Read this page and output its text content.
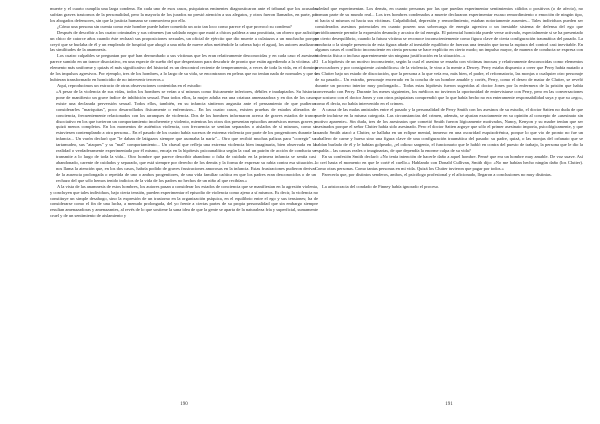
muerte y el cuarto cumplía una larga condena. En cada uno de esos casos, psiquiatras eminentes diagnosticaron ante el tribunal que los acusados sufrían graves trastornos de la personalidad, pero la mayoría de los jurados no prestó atención a sus alegatos, y otros fueron llamados, en parte, por los abogados defensores, sin que la justicia humana se conmoviera por ello.

¿Cómo una persona sin cuenta como este hombre puede haber cometido un acto tan loco como parece el que provocó su condena?

Después de describir a los cuatro criminales y sus crímenes (un soldado negro que mató a chicos paldera a una prostituta, un obrero que asfixió a un chico de catorce años cuando éste rechazó sus proposiciones sexuales, un oficial de ejército que dio muerte a culatazos a un muchacho porque creyó que se burlaba de él y un empleado de hospital que ahogó a una niña de nueve años metiéndole la cabeza bajo el agua), los autores analizaron las similitudes de la anamnesis.

Los cuatro culpables se preguntan por qué han derrumbado a sus víctimas que les eran relativamente desconocidas y en cada caso el asesinato parece sumido en un trance disociativo, en una especie de sueño del que despertaron para descubrir de pronto que están agrediendo a la víctima. «El elemento más uniforme y quizás el más significativo del historial es un descontrol reciente de temperamento, a veces de toda la vida, en el dominio de los impulsos agresivos. Por ejemplo, tres de los hombres, a lo largo de su vida, se encontraron en peleas que no tenían nada de normales y que se hubieran transformado en homicidio de no intervenir terceros.»

Aquí, reproducimos un extracto de otras observaciones contenidas en el estudio:

«A pesar de la violencia de sus vidas, todos los hombres se veían a sí mismos como físicamente inferiores, débiles e inadaptados. Su historia pone de manifiesto un grave índice de inhibición sexual. Para todos ellos, la mujer adulta era una criatura amenazadora y en dos de los casos existe una declarada perversión sexual. Todos ellos, también, en su infancia sintieron angustia ante el pensamiento de que pudieran considerarles "mariquitas", poco desarrollados físicamente o enfermizos... En los cuatro casos, existen pruebas de estados alterados de conciencia, frecuentemente relacionados con los arranques de violencia. Dos de los hombres informaron acerca de graves estados de trance disociativo en los que tuvieron un comportamiento incoherente y violento, mientras los otros dos presentan episodios amnésicos menos graves y quizá menos completos. En los momentos de auténtica violencia, con frecuencia se sentían separados o aislados de sí mismos, como si estuviesen contemplando a otra persona... En el pasado de los cuatro había sucesos de extrema violencia por parte de los progenitores durante la infancia... Un varón declaró que "le daban de latigazos siempre que asomaba la nariz"... Otro que recibió muchas palizas para "corregir" su tartamudeo, sus "ataques" y su "mal" comportamiento... Un chaval que refleja una extrema violencia bien imaginaria, bien observada en la realidad o verdaderamente experimentada por él mismo, encaja en la hipótesis psicoanalítica según la cual un patrón de acción de conducta se transmite a lo largo de toda la vida... Otro hombre que parece describir abandono o falta de cuidado en la primera infancia se sentía casi abandonado, carente de cuidados y separado, que está siempre por derecho de los demás y la forma de expresar su rabia contra esa situación... nos llama la atención que, en los dos casos, habría podido de graves frustraciones amorosas en la infancia. Estas frustraciones pudieron derivar de la ausencia prolongada o repetida de uno o ambos progenitores, de una vida familiar caótica en que los padres eran desconocidos o de un rechazo del que sólo hemos tenido indicios de la vida de los padres no hechos de un niño al que recibían.»

A la vista de las anamnesis de estos hombres, los autores pasan a considerar los estados de conciencia que se manifiestan en la agresión violenta, y concluyen que tales individuos, bajo cierta tensión, pueden experimentar el episodio de violencia como ajeno a sí mismos. Es decir, la violencia no constituye un simple desahogo, sino la expresión de un trastorno en la organización psíquica, en el equilibrio entre el ego y sus tensiones; ha de considerarse como el fin de una lucha, a menudo prolongada, del yo frente a ciertas partes de su propia personalidad que sin embargo siempre resultan amenazadoras y amenazantes, al revés de lo que sostiene la sana idea de que la gente se aparta de la naturaleza fría y superficial, sumamente cruel y de un sentimiento de aislamiento y

soledad que experimentan. Los demás, en cuanto personas por las que puedan experimentar sentimientos cálidos o positivos (o de afecto), no forman parte de su mundo real... Los tres hombres condenados a muerte declararon experimentar escaso remordimiento o emoción de ningún tipo, ni hacia sí mismos ni hacia sus víctimas. Culpabilidad, depresión y remordimiento, estaban notoriamente ausentes... Tales individuos pueden ser considerados asesinos potenciales en cuanto poseen una sobrecarga de energía agresiva o un inestable sistema de defensa del ego que periódicamente permite la expresión desnuda y arcaica de tal energía. El potencial homicida puede verse activado, especialmente si se ha presentado ya cierto desequilibrio, cuando la futura víctima se reconoce inconscientemente como figura clave de cierta configuración traumática del pasado. La conducta o la simple presencia de esta figura añade al inestable equilibrio de fuerzas una tensión que torna la ruptura del control casi inevitable. En algunos casos el conflicto inconsciente en cierta persona se hace explícito en cierto modo; un impulso mayor, de manera de conducta se expresa con violencia física o incluso aparentemente sin ninguna justificación en la situación...»

La hipótesis de un motivo inconsciente, según la cual el asesino se ensaña con víctimas inocuas y relativamente desconocidas como elementos provocadores y por consiguiente «simbólicos» de la violencia, le vino a la mente a Dewey. Perry estaba dispuesto a creer que Perry había matado a los Clutter bajo un estado de disociación, que la persona a la que veía era, más bien, el padre, el reformatorio, las monjas o cualquier otro personaje de su pasado... Un extraño, personaje encerrado en la concha de un hombre amable y cortés, Perry, como el deseo de matar de Clutter, se reveló durante un proceso interior muy prolongado... Todas estas hipótesis fueron sugeridas al doctor Jones por la enfermera de la prisión que había conversado con Perry. Durante los meses siguientes, los médicos no tuvieron la oportunidad de entrevistarse con Perry, pero en las conversaciones que sostuvo con el doctor Jones y con otros psiquiatras comprendió que lo que había hecho no era enteramente responsabilidad suya y que su «ego», como él decía, no había intervenido en el crimen.

A causa de las malas amistades entre el pasado y la personalidad de Perry Smith con los asesinos de su estudio, el doctor Satten no duda de que puede incluirse en la misma categoría. Las circunstancias del crimen, además, se ajustan exactamente en su opinión al concepto de «asesinato sin motivo aparente». Sin duda, tres de los asesinatos que cometió Smith fueron lógicamente motivados, Nancy, Kenyon y su madre tenían que ser asesinados porque el señor Clutter había sido asesinado. Pero el doctor Satten arguye que sólo el primer asesinato importa, psicológicamente, y que cuando Smith atacó a Clutter, se hallaba en un eclipse mental, inmerso en una oscuridad esquizofrénica, porque lo que vio de pronto no fue un caballero de carne y hueso sino una figura clave de una configuración traumática del pasado: su padre, quizá, o las monjas del orfanato que se habían burlado de él y le habían golpeado, ¿el odioso sargento, el funcionario que le habló en contra del puesto de trabajo, la persona que le dio la espalda... las causas reales o imaginarias, de que dependía la enorme culpa de su vida?

En su confesión Smith declaró: «No tenía intención de hacerle daño a aquel hombre. Pensé que era un hombre muy amable. De voz suave. Así lo creí hasta el momento en que le corté el cuello.» Hablando con Donald Cullivan, Smith dijo: «No me habían hecho ningún daño (los Clutter). Como otras personas. Como tantas personas en mi vida. Quizá los Clutter tuvieron que pagar por todos.»

Parecería que, por distintos senderos, ambos, el psicólogo profesional y el aficionado, llegaron a conclusiones no muy distintas.

La aristocracia del condado de Finney había ignorado el proceso.

190	191
